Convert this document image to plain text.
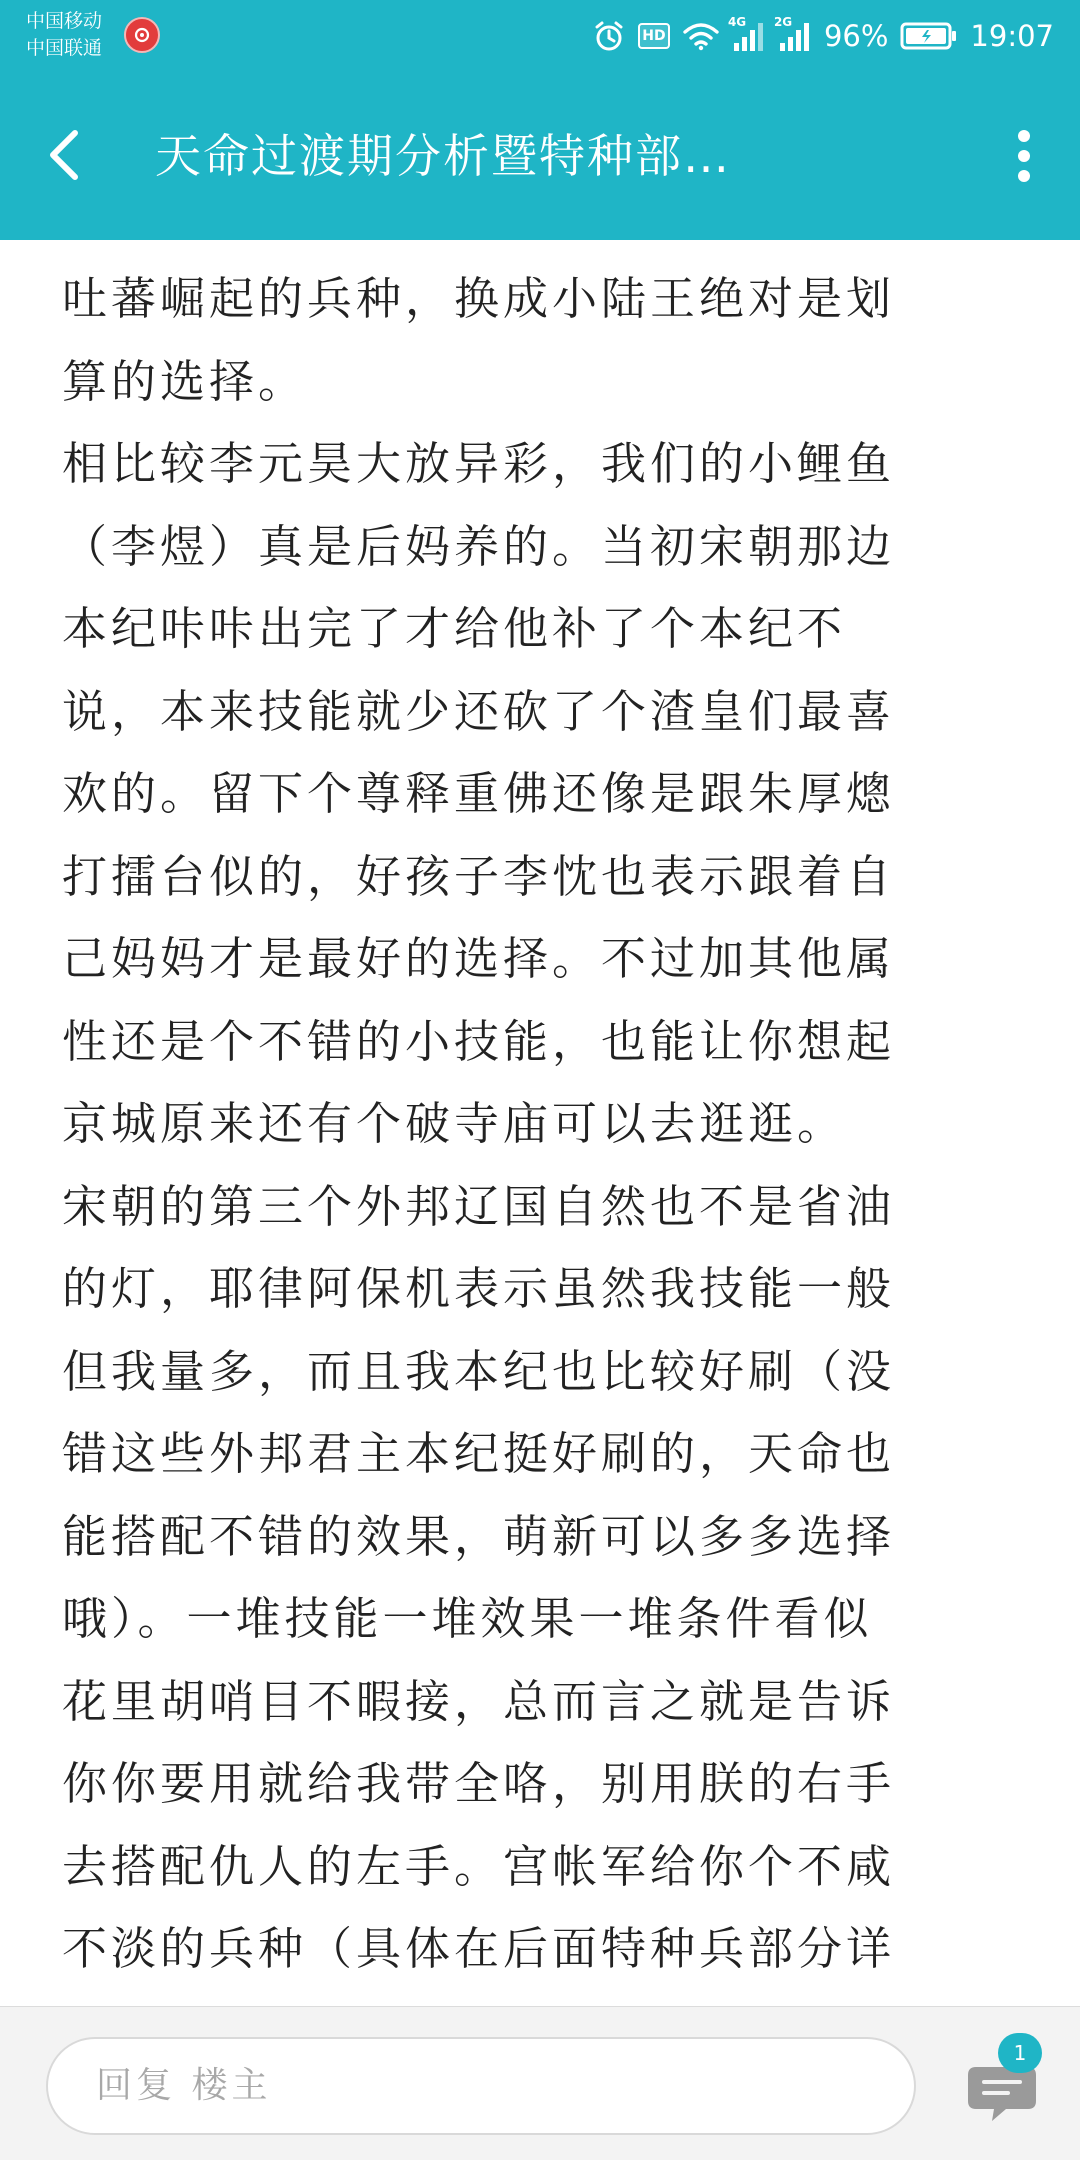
中国移动
中国联通
HD
4G 2G 96%	19:07
天命过渡期分析暨特种部…
吐蕃崛起的兵种，换成小陆王绝对是划
算的选择。
相比较李元昊大放异彩，我们的小鲤鱼
（李煜）真是后妈养的。当初宋朝那边
本纪咔咔出完了才给他补了个本纪不
说，本来技能就少还砍了个渣皇们最喜
欢的。留下个尊释重佛还像是跟朱厚熜
打擂台似的，好孩子李忱也表示跟着自
己妈妈才是最好的选择。不过加其他属
性还是个不错的小技能，也能让你想起
京城原来还有个破寺庙可以去逛逛。
宋朝的第三个外邦辽国自然也不是省油
的灯，耶律阿保机表示虽然我技能一般
但我量多，而且我本纪也比较好刷（没
错这些外邦君主本纪挺好刷的，天命也
能搭配不错的效果，萌新可以多多选择
哦）。一堆技能一堆效果一堆条件看似
花里胡哨目不暇接，总而言之就是告诉
你你要用就给我带全咯，别用朕的右手
去搭配仇人的左手。宫帐军给你个不咸
不淡的兵种（具体在后面特种兵部分详
回复 楼主
1
